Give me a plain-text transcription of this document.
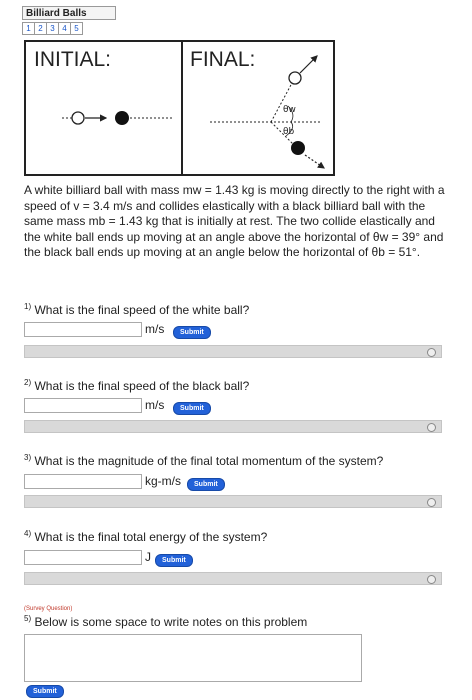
Billiard Balls
1 2 3 4 5
INITIAL:	FINAL:
θw
θb
A white billiard ball with mass mw = 1.43 kg is moving directly to the right with a speed of v = 3.4 m/s and collides elastically with a black billiard ball with the same mass mb = 1.43 kg that is initially at rest. The two collide elastically and the white ball ends up moving at an angle above the horizontal of θw = 39° and the black ball ends up moving at an angle below the horizontal of θb = 51°.
$^{1)}$ What is the final speed of the white ball?
m/s	Submit
$^{2)}$ What is the final speed of the black ball?
m/s	Submit
$^{3)}$ What is the magnitude of the final total momentum of the system?
kg-m/s	Submit
$^{4)}$ What is the final total energy of the system?
J	Submit
(Survey Question)
$^{5)}$ Below is some space to write notes on this problem
Submit
